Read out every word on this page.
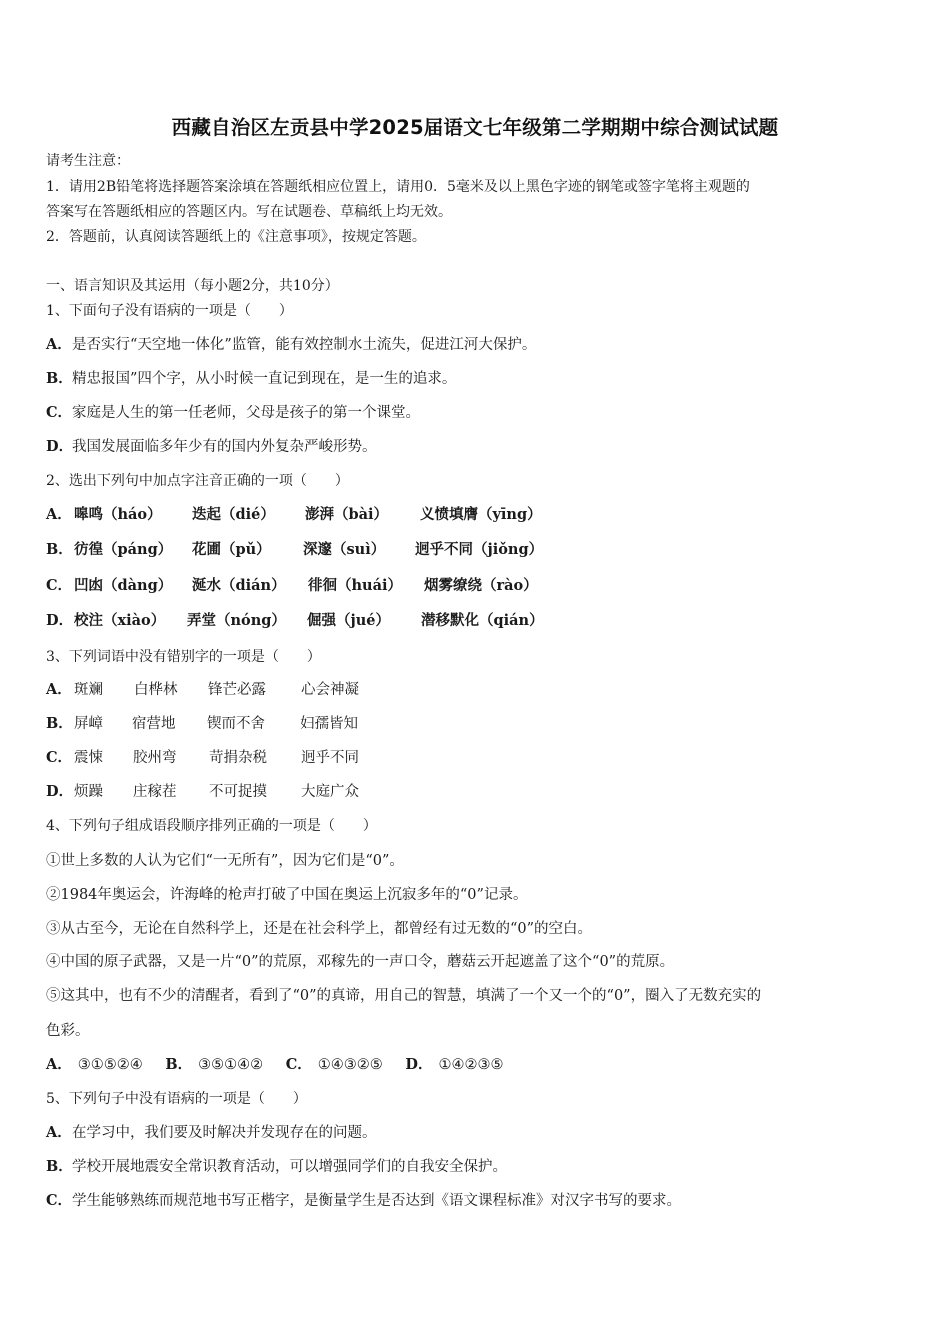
西藏自治区左贡县中学2025届语文七年级第二学期期中综合测试试题
请考生注意：
1．请用2B铅笔将选择题答案涂填在答题纸相应位置上，请用0．5毫米及以上黑色字迹的钢笔或签字笔将主观题的
答案写在答题纸相应的答题区内。写在试题卷、草稿纸上均无效。
2．答题前，认真阅读答题纸上的《注意事项》，按规定答题。
一、语言知识及其运用（每小题2分，共10分）
1、下面句子没有语病的一项是（　　）
A．是否实行“天空地一体化”监管，能有效控制水土流失，促进江河大保护。
B．精忠报国”四个字，从小时候一直记到现在，是一生的追求。
C．家庭是人生的第一任老师，父母是孩子的第一个课堂。
D．我国发展面临多年少有的国内外复杂严峻形势。
2、选出下列句中加点字注音正确的一项（　　）
A． 嗥鸣（háo） 迭起（dié） 澎湃（bài） 义愤填膺（yīng）
B． 彷徨（páng） 花圃（pǔ） 深邃（suì） 迥乎不同（jiǒng）
C． 凹凼（dàng） 涎水（dián） 徘徊（huái） 烟雾缭绕（rào）
D． 校注（xiào） 弄堂（nóng） 倔强（jué） 潜移默化（qián）
3、下列词语中没有错别字的一项是（　　）
A． 斑斓 白桦林 锋芒必露 心会神凝
B． 屏嶂 宿营地 锲而不舍 妇孺皆知
C． 震悚 胶州弯 苛捐杂税 迥乎不同
D． 烦躁 庄稼茬 不可捉摸 大庭广众
4、下列句子组成语段顺序排列正确的一项是（　　）
①世上多数的人认为它们“一无所有”，因为它们是“0”。
②1984年奥运会，许海峰的枪声打破了中国在奥运上沉寂多年的“0”记录。
③从古至今，无论在自然科学上，还是在社会科学上，都曾经有过无数的“0”的空白。
④中国的原子武器，又是一片“0”的荒原，邓稼先的一声口令，蘑菇云开起遮盖了这个“0”的荒原。
⑤这其中，也有不少的清醒者，看到了“0”的真谛，用自己的智慧，填满了一个又一个的“0”，圈入了无数充实的
色彩。
A． ③①⑤②④ B． ③⑤①④② C． ①④③②⑤ D． ①④②③⑤
5、下列句子中没有语病的一项是（　　）
A．在学习中，我们要及时解决并发现存在的问题。
B．学校开展地震安全常识教育活动，可以增强同学们的自我安全保护。
C．学生能够熟练而规范地书写正楷字，是衡量学生是否达到《语文课程标准》对汉字书写的要求。
